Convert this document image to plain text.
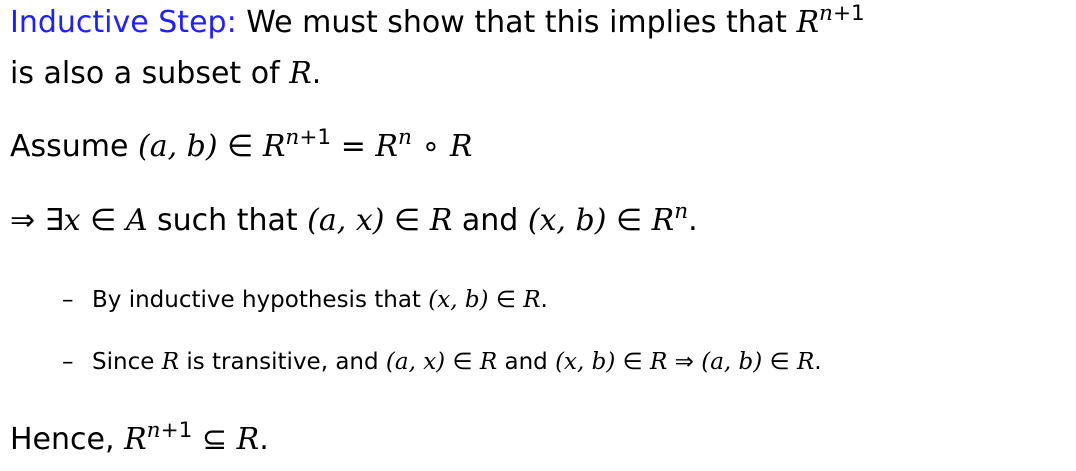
Inductive Step: We must show that this implies that $R^{n+1}$
is also a subset of R.
Assume (a, b) ∈ $R^{n+1} = R^n$ ∘ R
⇒ ∃x ∈ A such that (a, x) ∈ R and (x, b) ∈ $R^n$.
– By inductive hypothesis that (x, b) ∈ R.
– Since R is transitive, and (a, x) ∈ R and (x, b) ∈ R ⇒ (a, b) ∈ R.
Hence, $R^{n+1}$ ⊆ R.
